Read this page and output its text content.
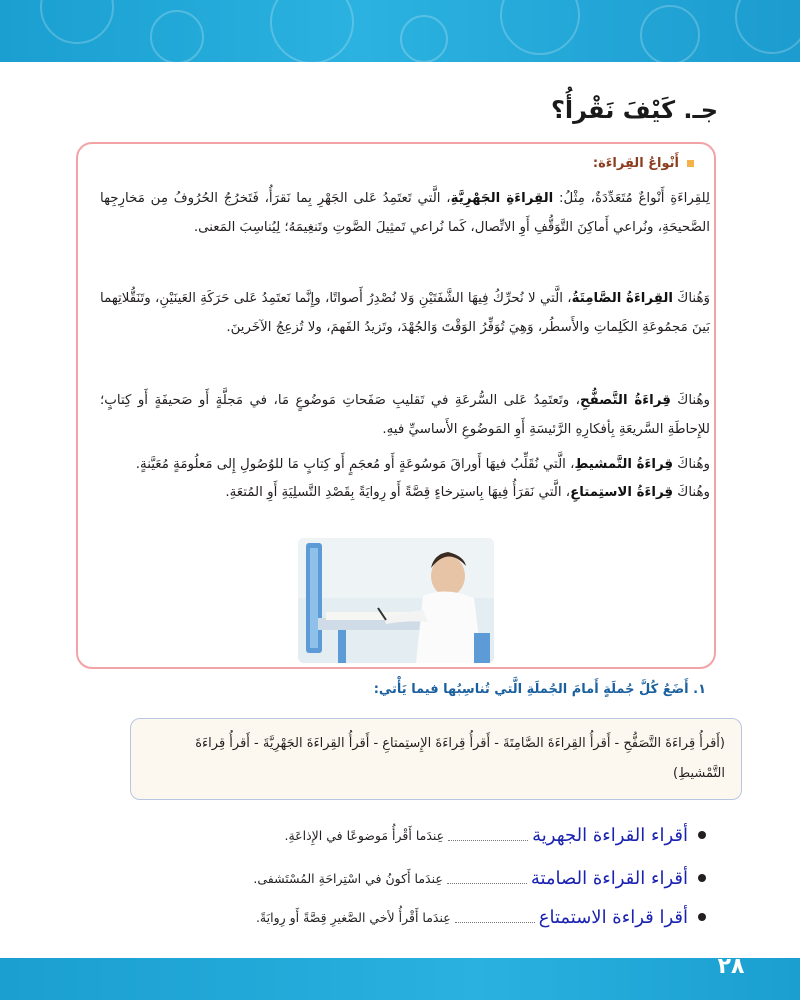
جـ. كَيْفَ نَقْرأُ؟
أَنْواعُ القِراءَة:
لِلقِراءَةِ أَنْواعٌ مُتَعَدِّدَةٌ، مِثْلُ: القِراءَةِ الجَهْرِيَّةِ، الَّتي تَعتَمِدُ عَلى الجَهْرِ بِما نَقرَأُ، فَتَخرُجُ الحُرُوفُ مِن مَخارِجِها الصَّحيحَةِ، ونُراعي أَماكِنَ التَّوَقُّفِ أَوِ الاتِّصال، كَما نُراعي تَمثِيلَ الصَّوتِ وتَنغِيمَهُ؛ لِيُناسِبَ المَعنى.
وَهُناكَ القِراءَةُ الصَّامِتَةُ، الَّتي لا نُحرِّكُ فِيهَا الشَّفَتَيْنِ وَلا نُصْدِرُ أَصواتًا، وإِنَّما نَعتَمِدُ عَلى حَرَكَةِ العَينَيْنِ، وتَنَقُّلاتِهما بَينَ مَجمُوعَةِ الكَلِماتِ والأَسطُر، وَهِيَ تُوَفِّرُ الوَقْتَ وَالجُهْدَ، وتَزيدُ الفَهمَ، ولا تُزعِجُ الآخَرينَ.
وهُناكَ قِراءَةُ التَّصفُّحِ، وتَعتَمِدُ عَلى السُّرعَةِ في تَقليبِ صَفَحاتِ مَوضُوعٍ مَا، في مَجلَّةٍ أَو صَحيفَةٍ أَو كِتابٍ؛ للإِحاطَةِ السَّريعَةِ بِأفكارِهِ الرَّئيسَةِ أَوِ المَوضُوعِ الأَساسيِّ فيهِ.
وهُناكَ قِراءَةُ التَّمشيطِ، الَّتي نُقَلِّبُ فيهَا أَوراقَ مَوسُوعَةٍ أَو مُعجَمٍ أَو كِتابٍ مَا للوُصُولِ إِلى مَعلُومَةٍ مُعَيَّنةٍ.
وهُناكَ قِراءَةُ الاستِمتاعِ، الَّتي نَقرَأُ فِيهَا بِاستِرخاءٍ قِصَّةً أَو رِوايَةً بِقَصْدِ التَّسلِيَةِ أَوِ المُتعَةِ.
١. أَضَعُ كُلَّ جُملَةٍ أَمامَ الجُملَةِ الَّتي تُناسِبُها فيما يَأْتي:
(أَقرأُ قِراءَةَ التَّصَفُّحِ - أَقرأُ القِراءَةَ الصَّامِتَةَ - أَقرأُ قِراءَةَ الإِستِمتاعِ - أَقرأُ القِراءَةَ الجَهْرِيَّةَ - أَقرأُ قِراءَةَ التَّمْشيطِ)
أقراء القراءة الجهرية
عِندَما أَقْرأُ مَوضوعًا في الإِذاعَةِ.
أقراء القراءة الصامتة
عِندَما أَكونُ في اسْتِراحَةِ المُسْتَشفى.
أقرا قراءة الاستمتاع
عِندَما أَقْرأُ لأخي الصَّغيرِ قِصَّةً أَو رِوايَةً.
٢٨
